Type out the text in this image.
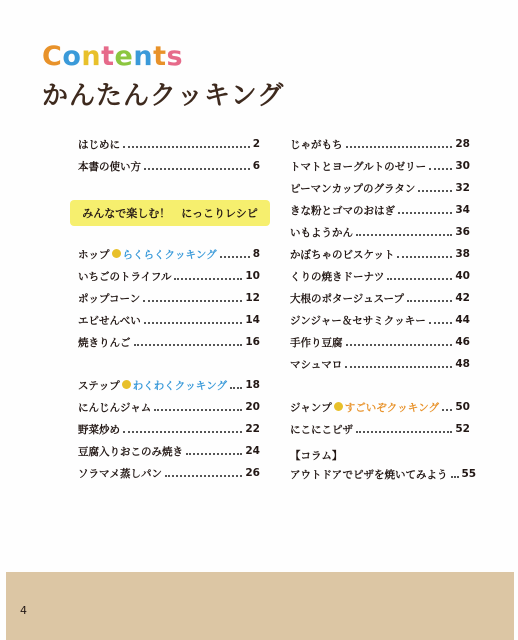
Contents
かんたんクッキング
はじめに	2
本書の使い方	6
ホップ らくらくクッキング	8
いちごのトライフル	10
ポップコーン	12
エビせんべい	14
焼きりんご	16
ステップ わくわくクッキング 18
にんじんジャム	20
野菜炒め	22
豆腐入りおこのみ焼き	24
ソラマメ蒸しパン	26
じゃがもち	28
トマトとヨーグルトのゼリー	30
ピーマンカップのグラタン	32
きな粉とゴマのおはぎ	34
いもようかん	36
かぼちゃのビスケット	38
くりの焼きドーナツ	40
大根のポタージュスープ	42
ジンジャー＆セサミクッキー	44
手作り豆腐	46
マシュマロ	48
ジャンプ すごいぞクッキング 50
にこにこピザ	52
アウトドアでピザを焼いてみよう 55
みんなで楽しむ！　にっこりレシピ
【コラム】
4
